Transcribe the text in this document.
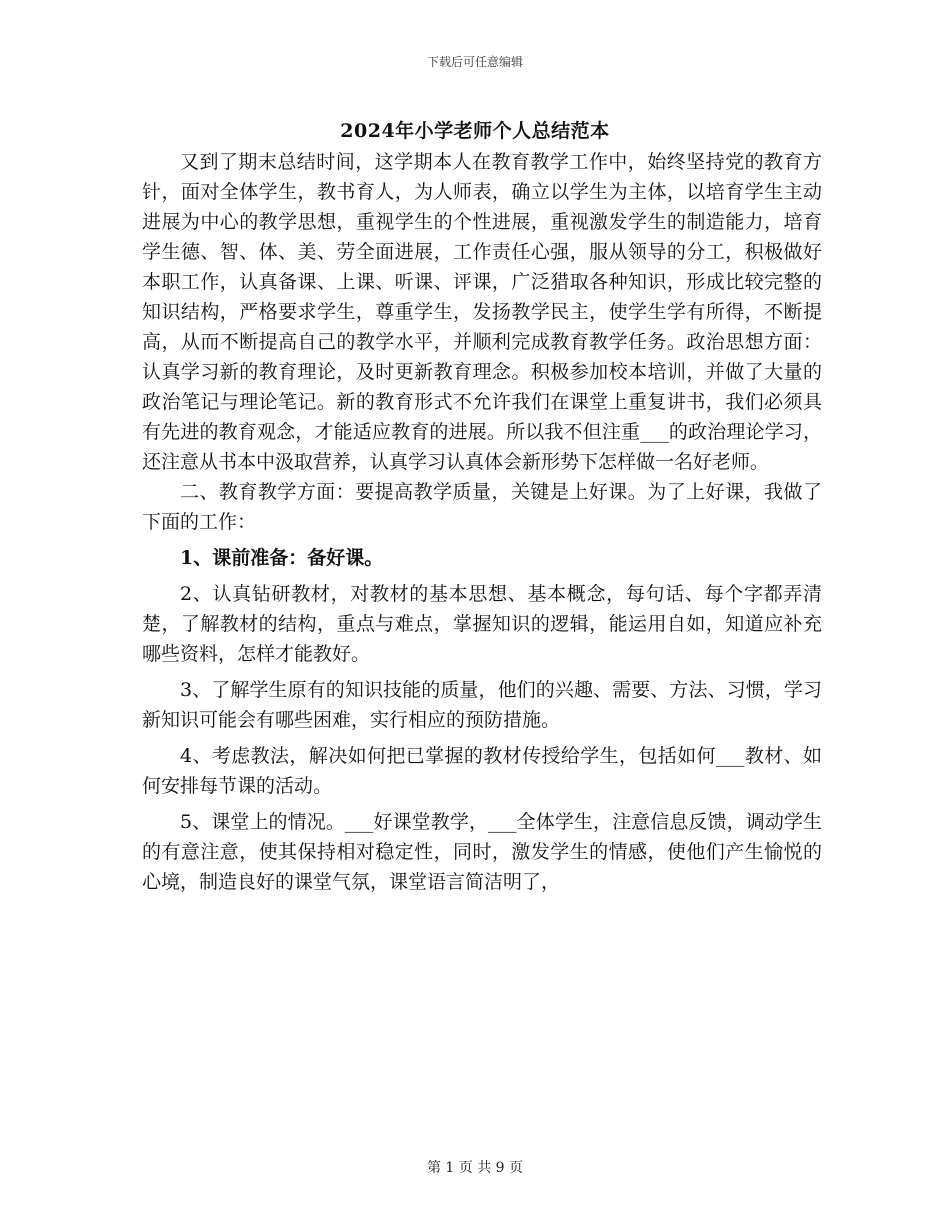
下载后可任意编辑
2024年小学老师个人总结范本

又到了期末总结时间，这学期本人在教育教学工作中，始终坚持党的教育方针，面对全体学生，教书育人，为人师表，确立以学生为主体，以培育学生主动进展为中心的教学思想，重视学生的个性进展，重视激发学生的制造能力，培育学生德、智、体、美、劳全面进展，工作责任心强，服从领导的分工，积极做好本职工作，认真备课、上课、听课、评课，广泛猎取各种知识，形成比较完整的知识结构，严格要求学生，尊重学生，发扬教学民主，使学生学有所得，不断提高，从而不断提高自己的教学水平，并顺利完成教育教学任务。政治思想方面：认真学习新的教育理论，及时更新教育理念。积极参加校本培训，并做了大量的政治笔记与理论笔记。新的教育形式不允许我们在课堂上重复讲书，我们必须具有先进的教育观念，才能适应教育的进展。所以我不但注重___的政治理论学习，还注意从书本中汲取营养，认真学习认真体会新形势下怎样做一名好老师。

二、教育教学方面：要提高教学质量，关键是上好课。为了上好课，我做了下面的工作：

1、课前准备：备好课。

2、认真钻研教材，对教材的基本思想、基本概念，每句话、每个字都弄清楚，了解教材的结构，重点与难点，掌握知识的逻辑，能运用自如，知道应补充哪些资料，怎样才能教好。

3、了解学生原有的知识技能的质量，他们的兴趣、需要、方法、习惯，学习新知识可能会有哪些困难，实行相应的预防措施。

4、考虑教法，解决如何把已掌握的教材传授给学生，包括如何___教材、如何安排每节课的活动。

5、课堂上的情况。___好课堂教学，___全体学生，注意信息反馈，调动学生的有意注意，使其保持相对稳定性，同时，激发学生的情感，使他们产生愉悦的心境，制造良好的课堂气氛，课堂语言简洁明了，

第 1 页 共 9 页
